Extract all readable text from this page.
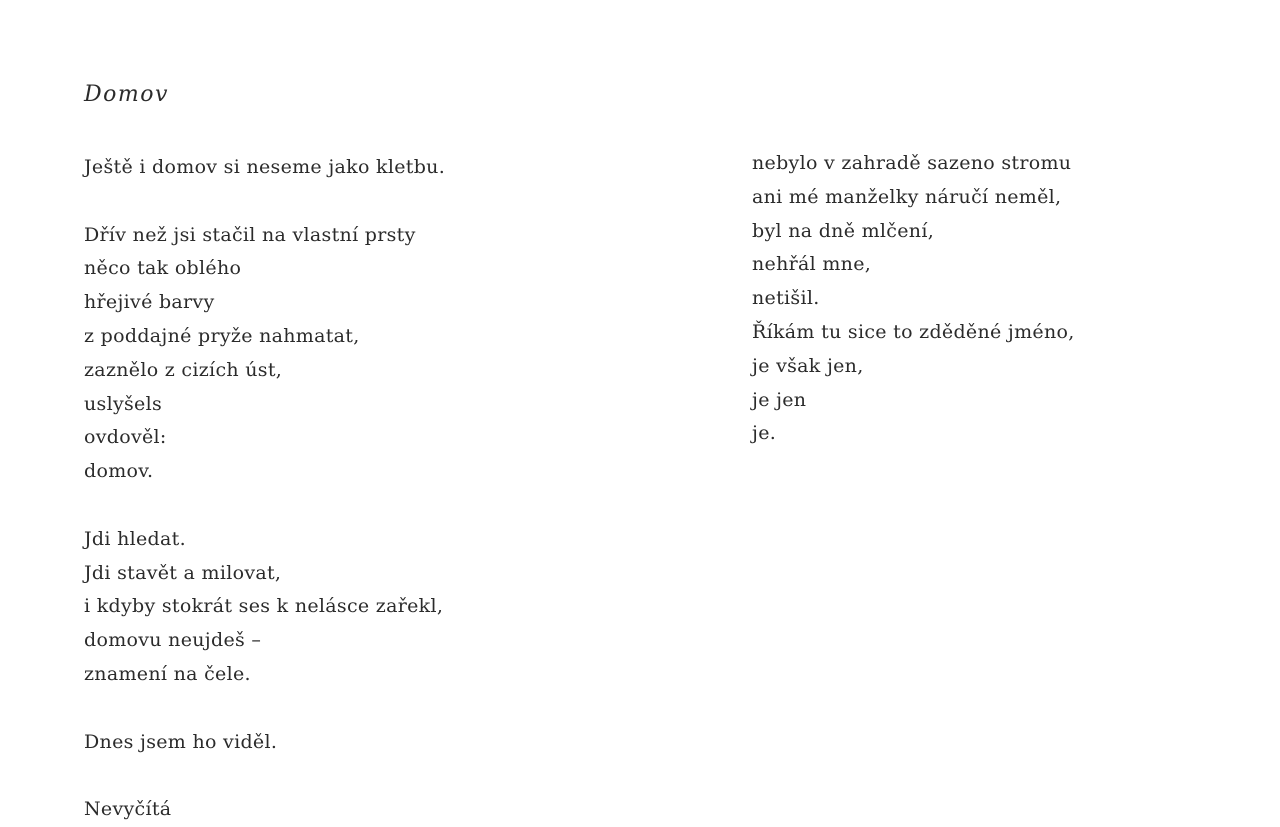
Domov
Ještě i domov si neseme jako kletbu.
Dřív než jsi stačil na vlastní prsty
něco tak oblého
hřejivé barvy
z poddajné pryže nahmatat,
zaznělo z cizích úst,
uslyšels
ovdověl:
domov.
Jdi hledat.
Jdi stavět a milovat,
i kdyby stokrát ses k nelásce zařekl,
domovu neujdeš –
znamení na čele.
Dnes jsem ho viděl.
Nevyčítá
nebylo v zahradě sazeno stromu
ani mé manželky náručí neměl,
byl na dně mlčení,
nehřál mne,
netišil.
Říkám tu sice to zděděné jméno,
je však jen,
je jen
je.
